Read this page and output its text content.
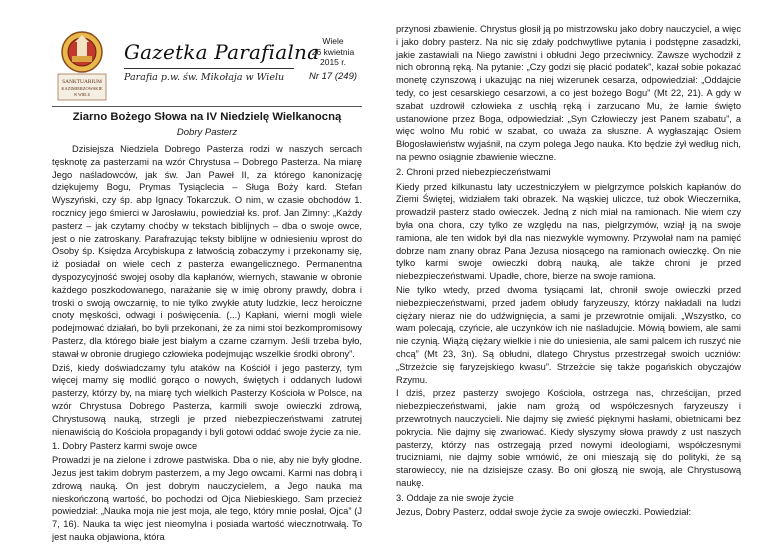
SANKTUARIUM
KAZIMIERZOWSKIE
W WIELU
Gazetka Parafialna
Parafia p.w. św. Mikołaja w Wielu
Wiele
26 kwietnia
2015 r.
Nr 17 (249)
Ziarno Bożego Słowa na IV Niedzielę Wielkanocną
Dobry Pasterz

Dzisiejsza Niedziela Dobrego Pasterza rodzi w naszych sercach tęsknotę za pasterzami na wzór Chrystusa – Dobrego Pasterza. Na miarę Jego naśladowców, jak św. Jan Paweł II, za którego kanonizację dziękujemy Bogu, Prymas Tysiąclecia – Sługa Boży kard. Stefan Wyszyński, czy śp. abp Ignacy Tokarczuk. O nim, w czasie obchodów 1. rocznicy jego śmierci w Jarosławiu, powiedział ks. prof. Jan Zimny: „Każdy pasterz – jak czytamy choćby w tekstach biblijnych – dba o swoje owce, jest o nie zatroskany. Parafrazując teksty biblijne w odniesieniu wprost do Osoby śp. Księdza Arcybiskupa z łatwością zobaczymy i przekonamy się, iż posiadał on wiele cech z pasterza ewangelicznego. Permanentna dyspozycyjność swojej osoby dla kapłanów, wiernych, stawanie w obronie każdego poszkodowanego, narażanie się w imię obrony prawdy, dobra i troski o swoją owczarnię, to nie tylko zwykłe atuty ludzkie, lecz heroiczne cnoty męskości, odwagi i poświęcenia. (...) Kapłani, wierni mogli wiele podejmować działań, bo byli przekonani, że za nimi stoi bezkompromisowy Pasterz, dla którego białe jest białym a czarne czarnym. Jeśli trzeba było, stawał w obronie drugiego człowieka podejmując wszelkie środki obrony”.

Dziś, kiedy doświadczamy tylu ataków na Kościół i jego pasterzy, tym więcej mamy się modlić gorąco o nowych, świętych i oddanych ludowi pasterzy, którzy by, na miarę tych wielkich Pasterzy Kościoła w Polsce, na wzór Chrystusa Dobrego Pasterza, karmili swoje owieczki zdrową, Chrystusową nauką, strzegli je przed niebezpieczeństwami zatrutej nienawiścią do Kościoła propagandy i byli gotowi oddać swoje życie za nie.

1. Dobry Pasterz karmi swoje owce

Prowadzi je na zielone i zdrowe pastwiska. Dba o nie, aby nie były głodne. Jezus jest takim dobrym pasterzem, a my Jego owcami. Karmi nas dobrą i zdrową nauką. On jest dobrym nauczycielem, a Jego nauka ma nieskończoną wartość, bo pochodzi od Ojca Niebieskiego. Sam przecież powiedział: „Nauka moja nie jest moja, ale tego, który mnie posłał, Ojca” (J 7, 16). Nauka ta więc jest nieomylna i posiada wartość wiecznotrwałą. To jest nauka objawiona, która

przynosi zbawienie. Chrystus głosił ją po mistrzowsku jako dobry nauczyciel, a więc i jako dobry pasterz. Na nic się zdały podchwytliwe pytania i podstępne zasadzki, jakie zastawiali na Niego zawistni i obłudni Jego przeciwnicy. Zawsze wychodził z nich obronną ręką. Na pytanie: „Czy godzi się płacić podatek”, kazał sobie pokazać monetę czynszową i ukazując na niej wizerunek cesarza, odpowiedział: „Oddajcie tedy, co jest cesarskiego cesarzowi, a co jest bożego Bogu” (Mt 22, 21). A gdy w szabat uzdrowił człowieka z uschłą ręką i zarzucano Mu, że łamie święto ustanowione przez Boga, odpowiedział: „Syn Człowieczy jest Panem szabatu”, a więc wolno Mu robić w szabat, co uważa za słuszne. A wygłaszając Osiem Błogosławieństw wyjaśnił, na czym polega Jego nauka. Kto będzie żył według nich, na pewno osiągnie zbawienie wieczne.

2. Chroni przed niebezpieczeństwami

Kiedy przed kilkunastu laty uczestniczyłem w pielgrzymce polskich kapłanów do Ziemi Świętej, widziałem taki obrazek. Na wąskiej uliczce, tuż obok Wieczernika, prowadził pasterz stado owieczek. Jedną z nich miał na ramionach. Nie wiem czy była ona chora, czy tylko ze względu na nas, pielgrzymów, wziął ją na swoje ramiona, ale ten widok był dla nas niezwykle wymowny. Przywołał nam na pamięć dobrze nam znany obraz Pana Jezusa niosącego na ramionach owieczkę. On nie tylko karmi swoje owieczki dobrą nauką, ale także chroni je przed niebezpieczeństwami. Upadłe, chore, bierze na swoje ramiona.

Nie tylko wtedy, przed dwoma tysiącami lat, chronił swoje owieczki przed niebezpieczeństwami, przed jadem obłudy faryzeuszy, którzy nakładali na ludzi ciężary nieraz nie do udźwignięcia, a sami je przewrotnie omijali. „Wszystko, co wam polecają, czyńcie, ale uczynków ich nie naśladujcie. Mówią bowiem, ale sami nie czynią. Wiążą ciężary wielkie i nie do uniesienia, ale sami palcem ich ruszyć nie chcą” (Mt 23, 3n). Są obłudni, dlatego Chrystus przestrzegał swoich uczniów: „Strzeżcie się faryzejskiego kwasu”. Strzeżcie się także pogańskich obyczajów Rzymu.

I dziś, przez pasterzy swojego Kościoła, ostrzega nas, chrześcijan, przed niebezpieczeństwami, jakie nam grożą od współczesnych faryzeuszy i przewrotnych nauczycieli. Nie dajmy się zwieść pięknymi hasłami, obietnicami bez pokrycia. Nie dajmy się zwariować. Kiedy słyszymy słowa prawdy z ust naszych pasterzy, którzy nas ostrzegają przed nowymi ideologiami, współczesnymi trucizniami, nie dajmy sobie wmówić, że oni mieszają się do polityki, że są starowieccy, nie na dzisiejsze czasy. Bo oni głoszą nie swoją, ale Chrystusową naukę.

3. Oddaje za nie swoje życie

Jezus, Dobry Pasterz, oddał swoje życie za swoje owieczki. Powiedział:
